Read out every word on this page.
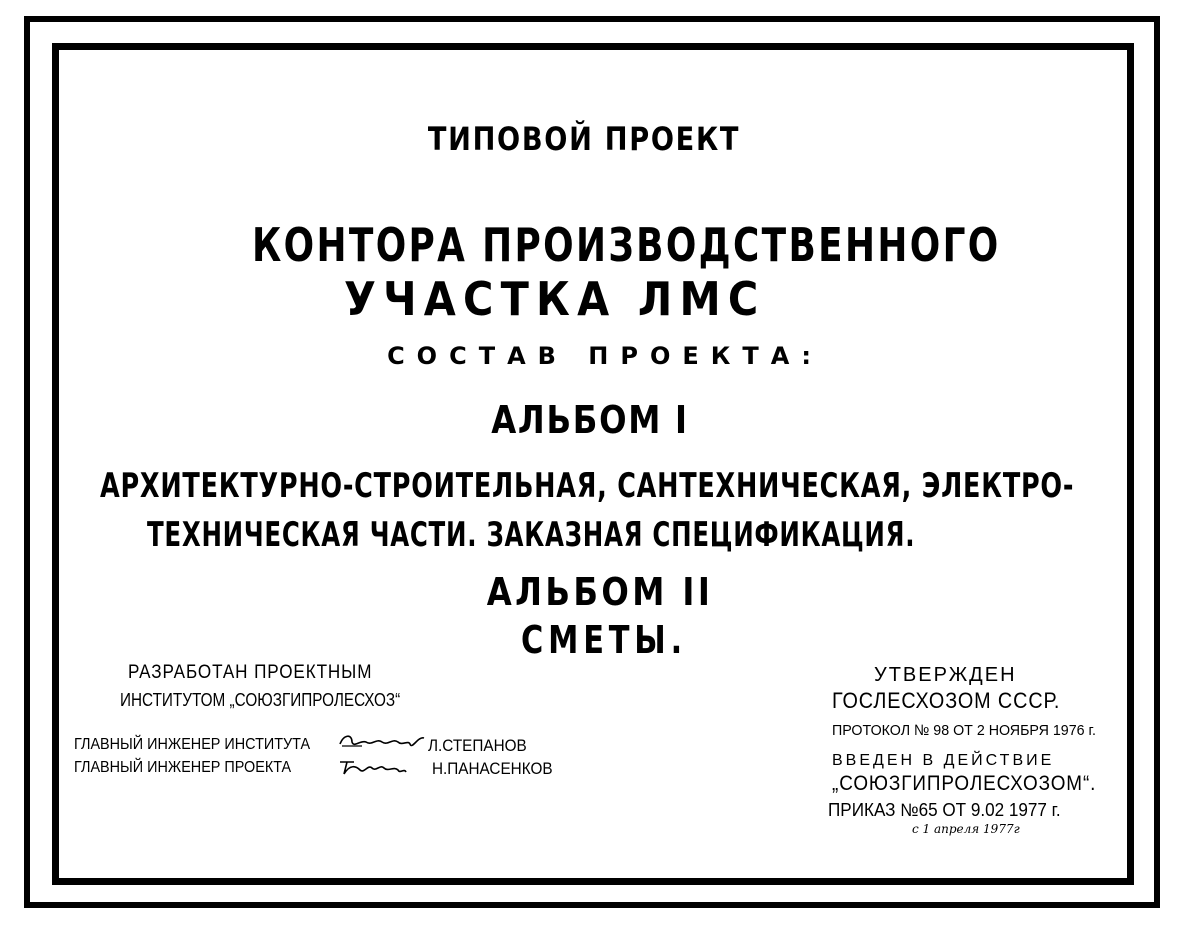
ТИПОВОЙ ПРОЕКТ
КОНТОРА ПРОИЗВОДСТВЕННОГО
УЧАСТКА ЛМС
СОСТАВ ПРОЕКТА:
АЛЬБОМ I
АРХИТЕКТУРНО-СТРОИТЕЛЬНАЯ, САНТЕХНИЧЕСКАЯ, ЭЛЕКТРО-
ТЕХНИЧЕСКАЯ ЧАСТИ. ЗАКАЗНАЯ СПЕЦИФИКАЦИЯ.
АЛЬБОМ II
СМЕТЫ.
РАЗРАБОТАН ПРОЕКТНЫМ
ИНСТИТУТОМ „СОЮЗГИПРОЛЕСХОЗ“
ГЛАВНЫЙ ИНЖЕНЕР ИНСТИТУТА
ГЛАВНЫЙ ИНЖЕНЕР ПРОЕКТА
Л.СТЕПАНОВ
Н.ПАНАСЕНКОВ
УТВЕРЖДЕН
ГОСЛЕСХОЗОМ СССР.
ПРОТОКОЛ № 98 ОТ 2 НОЯБРЯ 1976 г.
ВВЕДЕН В ДЕЙСТВИЕ
„СОЮЗГИПРОЛЕСХОЗОМ“.
ПРИКАЗ №65 ОТ 9.02 1977 г.
с 1 апреля 1977г
